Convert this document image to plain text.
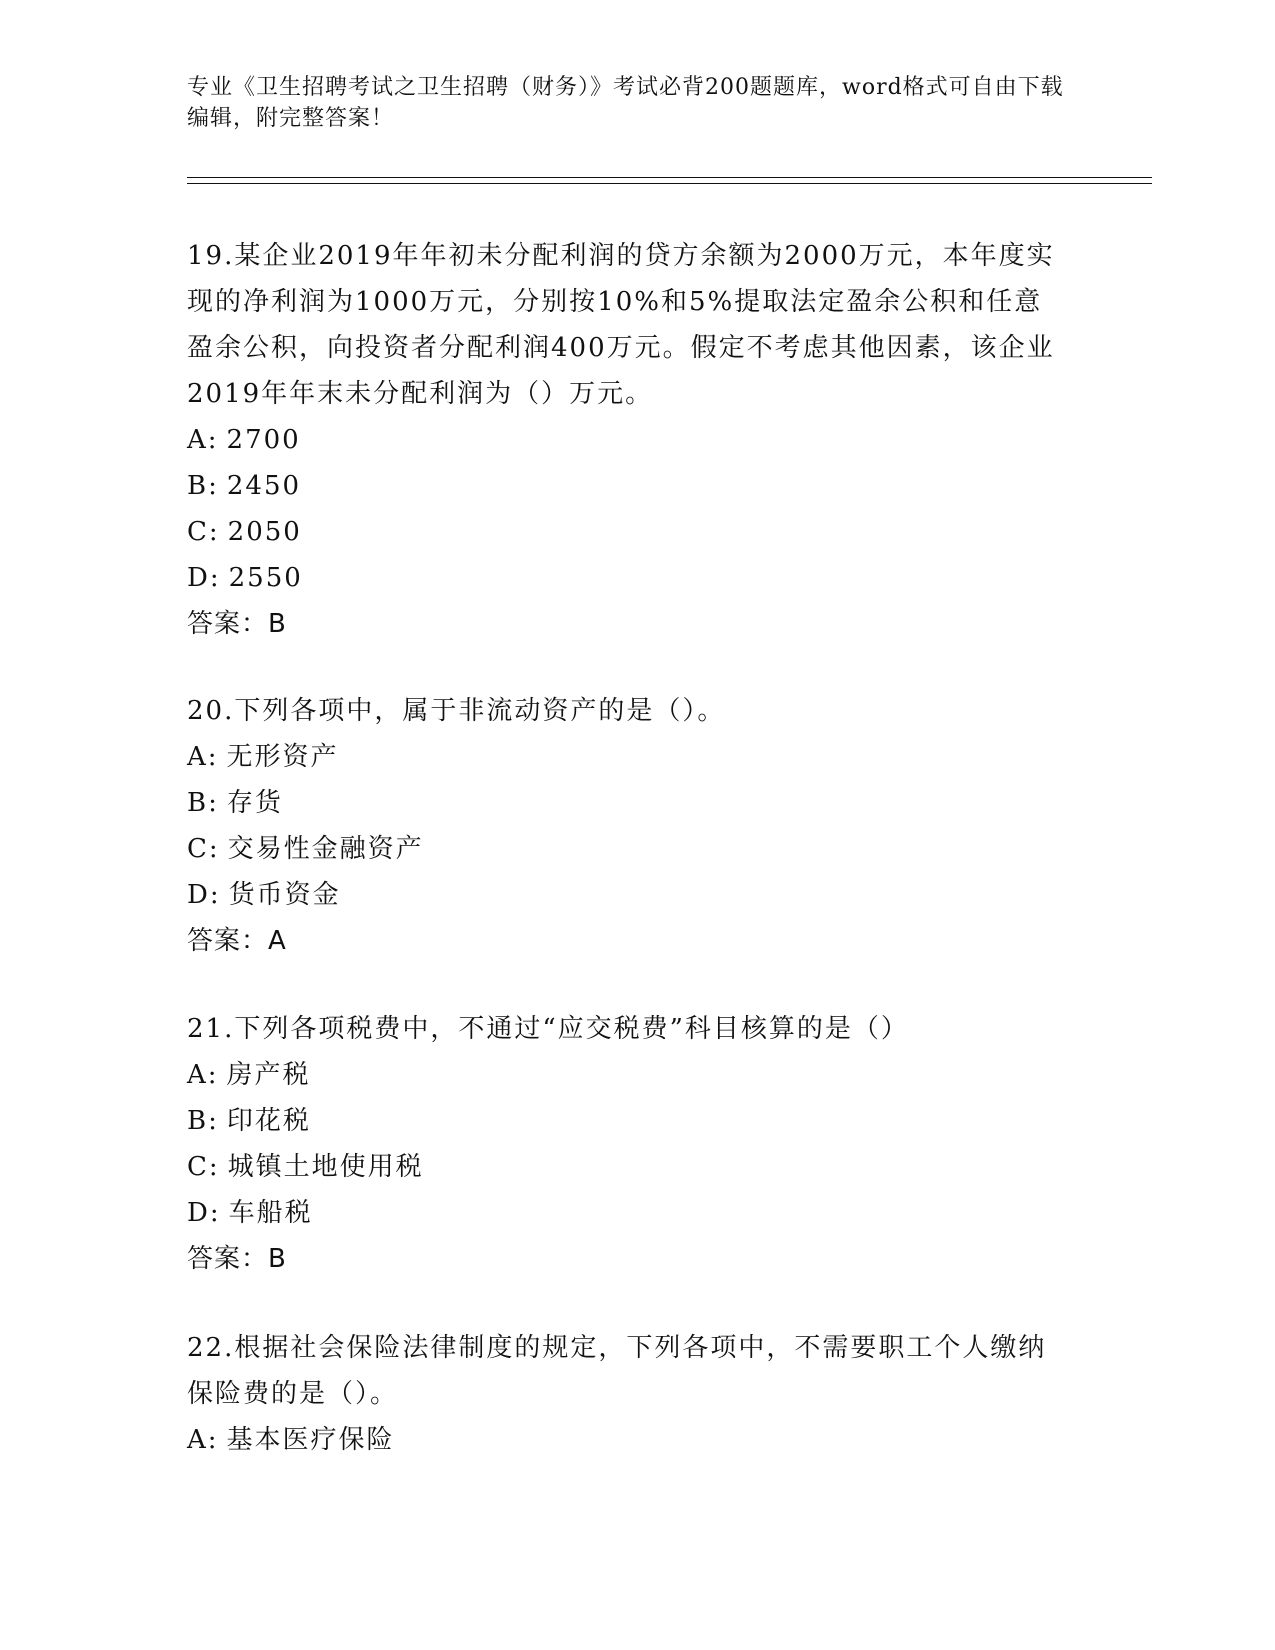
专业《卫生招聘考试之卫生招聘（财务）》考试必背200题题库，word格式可自由下载编辑，附完整答案！
19.某企业2019年年初未分配利润的贷方余额为2000万元，本年度实现的净利润为1000万元，分别按10%和5%提取法定盈余公积和任意盈余公积，向投资者分配利润400万元。假定不考虑其他因素，该企业2019年年末未分配利润为（）万元。
A: 2700
B: 2450
C: 2050
D: 2550
答案：B
20.下列各项中，属于非流动资产的是（）。
A: 无形资产
B: 存货
C: 交易性金融资产
D: 货币资金
答案：A
21.下列各项税费中，不通过“应交税费”科目核算的是（）
A: 房产税
B: 印花税
C: 城镇土地使用税
D: 车船税
答案：B
22.根据社会保险法律制度的规定，下列各项中，不需要职工个人缴纳保险费的是（）。
A: 基本医疗保险
